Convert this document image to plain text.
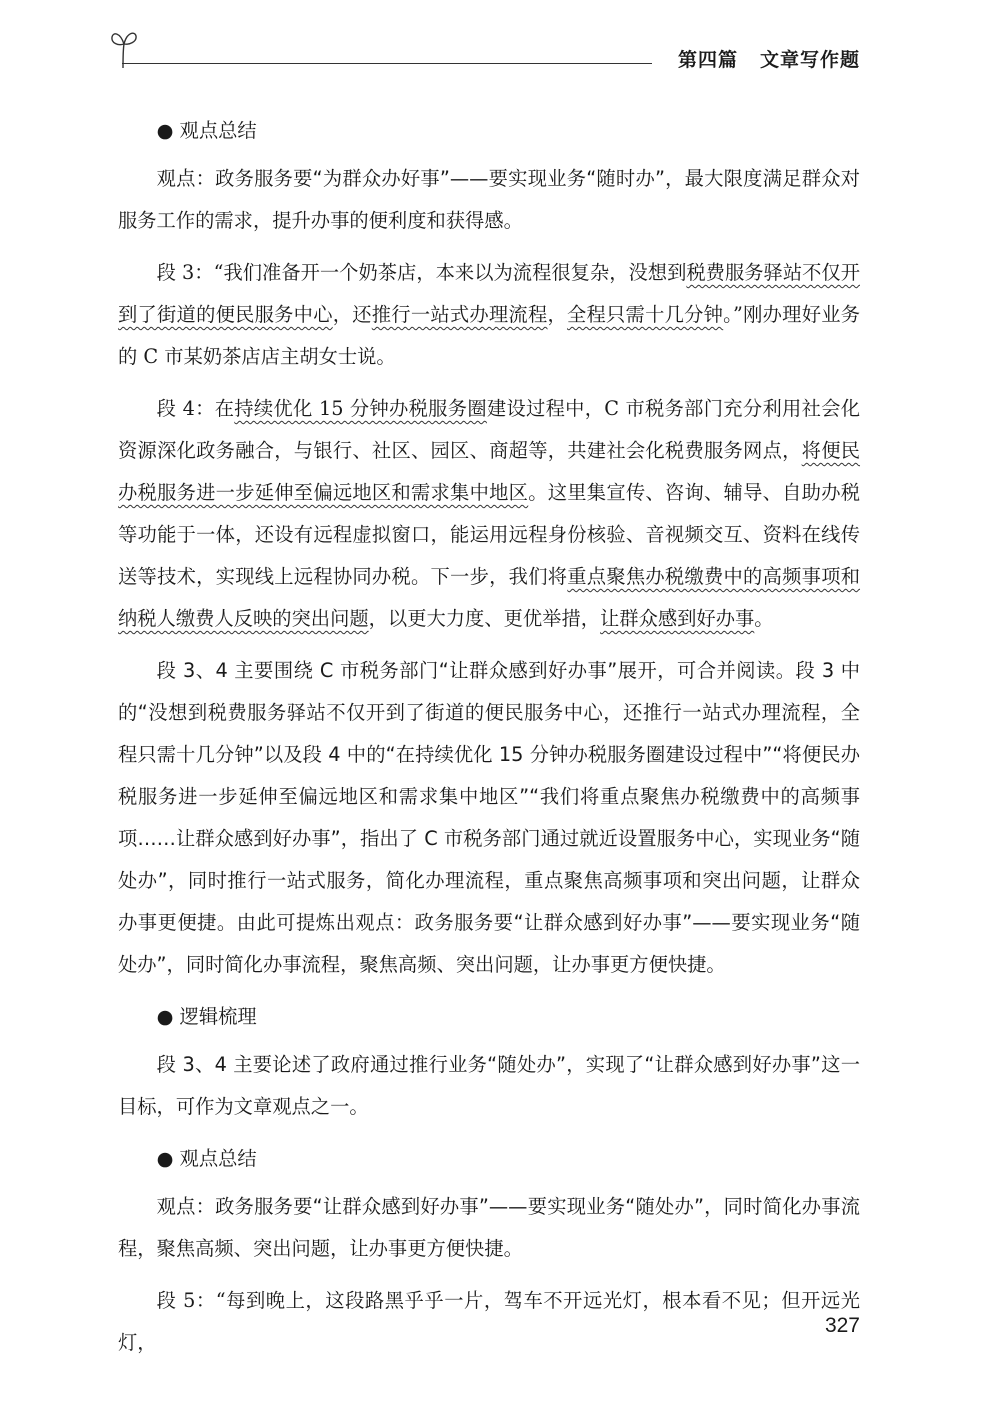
第四篇 文章写作题
● 观点总结

观点：政务服务要“为群众办好事”——要实现业务“随时办”，最大限度满足群众对服务工作的需求，提升办事的便利度和获得感。

段 3：“我们准备开一个奶茶店，本来以为流程很复杂，没想到税费服务驿站不仅开到了街道的便民服务中心，还推行一站式办理流程，全程只需十几分钟。”刚办理好业务的 C 市某奶茶店店主胡女士说。

段 4：在持续优化 15 分钟办税服务圈建设过程中，C 市税务部门充分利用社会化资源深化政务融合，与银行、社区、园区、商超等，共建社会化税费服务网点，将便民办税服务进一步延伸至偏远地区和需求集中地区。这里集宣传、咨询、辅导、自助办税等功能于一体，还设有远程虚拟窗口，能运用远程身份核验、音视频交互、资料在线传送等技术，实现线上远程协同办税。下一步，我们将重点聚焦办税缴费中的高频事项和纳税人缴费人反映的突出问题，以更大力度、更优举措，让群众感到好办事。

段 3、4 主要围绕 C 市税务部门“让群众感到好办事”展开，可合并阅读。段 3 中的“没想到税费服务驿站不仅开到了街道的便民服务中心，还推行一站式办理流程，全程只需十几分钟”以及段 4 中的“在持续优化 15 分钟办税服务圈建设过程中”“将便民办税服务进一步延伸至偏远地区和需求集中地区”“我们将重点聚焦办税缴费中的高频事项……让群众感到好办事”，指出了 C 市税务部门通过就近设置服务中心，实现业务“随处办”，同时推行一站式服务，简化办理流程，重点聚焦高频事项和突出问题，让群众办事更便捷。由此可提炼出观点：政务服务要“让群众感到好办事”——要实现业务“随处办”，同时简化办事流程，聚焦高频、突出问题，让办事更方便快捷。

● 逻辑梳理

段 3、4 主要论述了政府通过推行业务“随处办”，实现了“让群众感到好办事”这一目标，可作为文章观点之一。

● 观点总结

观点：政务服务要“让群众感到好办事”——要实现业务“随处办”，同时简化办事流程，聚焦高频、突出问题，让办事更方便快捷。

段 5：“每到晚上，这段路黑乎乎一片，驾车不开远光灯，根本看不见；但开远光灯，

327
